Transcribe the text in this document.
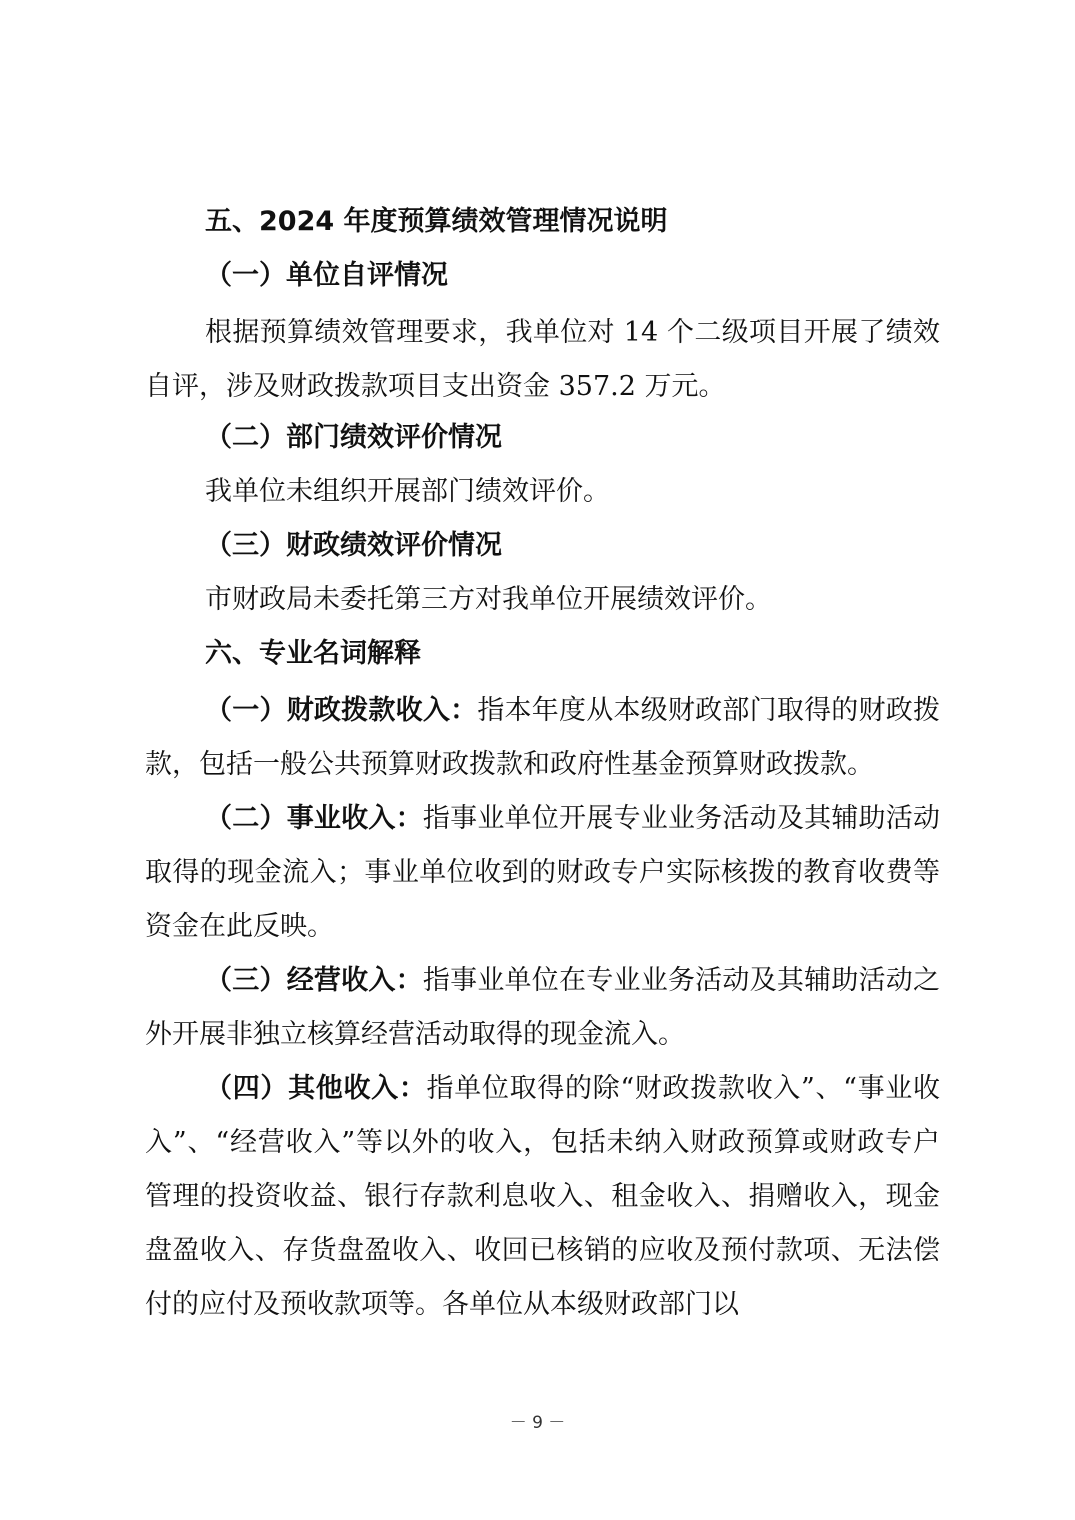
五、2024 年度预算绩效管理情况说明
（一）单位自评情况
根据预算绩效管理要求，我单位对 14 个二级项目开展了绩效自评，涉及财政拨款项目支出资金 357.2 万元。
（二）部门绩效评价情况
我单位未组织开展部门绩效评价。
（三）财政绩效评价情况
市财政局未委托第三方对我单位开展绩效评价。
六、专业名词解释
（一）财政拨款收入：指本年度从本级财政部门取得的财政拨款，包括一般公共预算财政拨款和政府性基金预算财政拨款。
（二）事业收入：指事业单位开展专业业务活动及其辅助活动取得的现金流入；事业单位收到的财政专户实际核拨的教育收费等资金在此反映。
（三）经营收入：指事业单位在专业业务活动及其辅助活动之外开展非独立核算经营活动取得的现金流入。
（四）其他收入：指单位取得的除“财政拨款收入”、“事业收入”、“经营收入”等以外的收入，包括未纳入财政预算或财政专户管理的投资收益、银行存款利息收入、租金收入、捐赠收入，现金盘盈收入、存货盘盈收入、收回已核销的应收及预付款项、无法偿付的应付及预收款项等。各单位从本级财政部门以
－ 9 －
